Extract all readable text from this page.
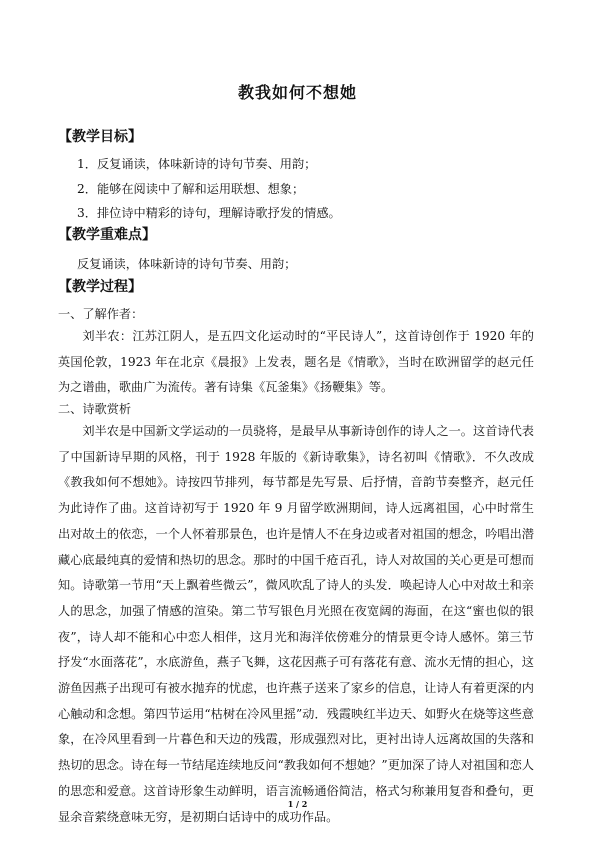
教我如何不想她
【教学目标】
1．反复诵读，体味新诗的诗句节奏、用韵；
2．能够在阅读中了解和运用联想、想象；
3．排位诗中精彩的诗句，理解诗歌抒发的情感。
【教学重难点】
反复诵读，体味新诗的诗句节奏、用韵；
【教学过程】
一、了解作者：
刘半农：江苏江阴人，是五四文化运动时的“平民诗人”，这首诗创作于 1920 年的英国伦敦，1923 年在北京《晨报》上发表，题名是《情歌》，当时在欧洲留学的赵元任为之谱曲，歌曲广为流传。著有诗集《瓦釜集》《扬鞭集》等。
二、诗歌赏析
刘半农是中国新文学运动的一员骁将，是最早从事新诗创作的诗人之一。这首诗代表了中国新诗早期的风格，刊于 1928 年版的《新诗歌集》，诗名初叫《情歌》．不久改成《教我如何不想她》。诗按四节排列，每节都是先写景、后抒情，音韵节奏整齐，赵元任为此诗作了曲。这首诗初写于 1920 年 9 月留学欧洲期间，诗人远离祖国，心中时常生出对故土的依恋，一个人怀着那景色，也许是情人不在身边或者对祖国的想念，吟唱出潜藏心底最纯真的爱情和热切的思念。那时的中国千疮百孔，诗人对故国的关心更是可想而知。诗歌第一节用“天上飘着些微云”，微风吹乱了诗人的头发．唤起诗人心中对故土和亲人的思念，加强了情感的渲染。第二节写银色月光照在夜宽阔的海面，在这“蜜也似的银夜”，诗人却不能和心中恋人相伴，这月光和海洋依傍难分的情景更令诗人感怀。第三节抒发“水面落花”，水底游鱼，燕子飞舞，这花因燕子可有落花有意、流水无情的担心，这游鱼因燕子出现可有被水抛弃的忧虑，也许燕子送来了家乡的信息，让诗人有着更深的内心触动和念想。第四节运用“枯树在冷风里摇”动．残霞映红半边天、如野火在烧等这些意象，在冷风里看到一片暮色和天边的残霞，形成强烈对比，更衬出诗人远离故国的失落和热切的思念。诗在每一节结尾连续地反问“教我如何不想她？”更加深了诗人对祖国和恋人的思恋和爱意。这首诗形象生动鲜明，语言流畅通俗简洁，格式匀称兼用复沓和叠句，更显余音萦绕意味无穷，是初期白话诗中的成功作品。
1 / 2
